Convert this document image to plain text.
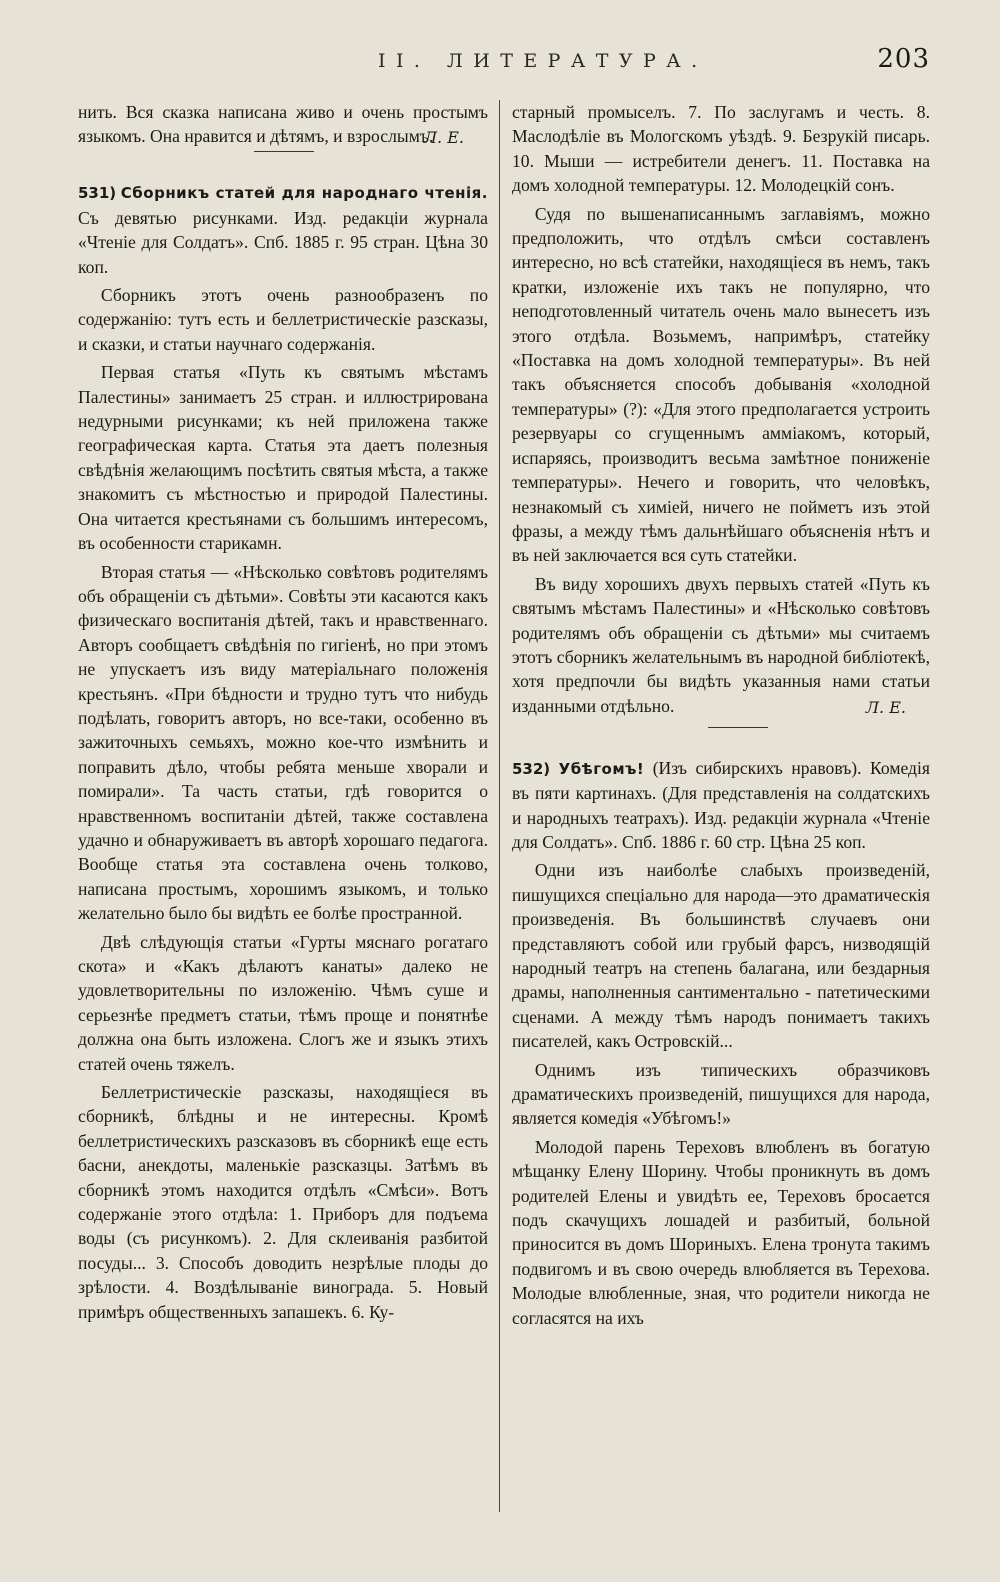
II. ЛИТЕРАТУРА.	203

нить. Вся сказка написана живо и очень простымъ языкомъ. Она нравится и дѣтямъ, и взрослымъ.

Л. Е.

531) Сборникъ статей для народнаго чтенія. Съ девятью рисунками. Изд. редакціи журнала «Чтеніе для Солдатъ». Спб. 1885 г. 95 стран. Цѣна 30 коп.

Сборникъ этотъ очень разнообразенъ по содержанію: тутъ есть и беллетристическіе разсказы, и сказки, и статьи научнаго содержанія.

Первая статья «Путь къ святымъ мѣстамъ Палестины» занимаетъ 25 стран. и иллюстрирована недурными рисунками; къ ней приложена также географическая карта. Статья эта даетъ полезныя свѣдѣнія желающимъ посѣтить святыя мѣста, а также знакомитъ съ мѣстностью и природой Палестины. Она читается крестьянами съ большимъ интересомъ, въ особенности старикамн.

Вторая статья — «Нѣсколько совѣтовъ родителямъ объ обращеніи съ дѣтьми». Совѣты эти касаются какъ физическаго воспитанія дѣтей, такъ и нравственнаго. Авторъ сообщаетъ свѣдѣнія по гигіенѣ, но при этомъ не упускаетъ изъ виду матеріальнаго положенія крестьянъ. «При бѣдности и трудно тутъ что нибудь подѣлать, говоритъ авторъ, но все-таки, особенно въ зажиточныхъ семьяхъ, можно кое-что измѣнить и поправить дѣло, чтобы ребята меньше хворали и помирали». Та часть статьи, гдѣ говорится о нравственномъ воспитаніи дѣтей, также составлена удачно и обнаруживаетъ въ авторѣ хорошаго педагога. Вообще статья эта составлена очень толково, написана простымъ, хорошимъ языкомъ, и только желательно было бы видѣть ее болѣе пространной.

Двѣ слѣдующія статьи «Гурты мяснаго рогатаго скота» и «Какъ дѣлаютъ канаты» далеко не удовлетворительны по изложенію. Чѣмъ суше и серьезнѣе предметъ статьи, тѣмъ проще и понятнѣе должна она быть изложена. Слогъ же и языкъ этихъ статей очень тяжелъ.

Беллетристическіе разсказы, находящіеся въ сборникѣ, блѣдны и не интересны. Кромѣ беллетристическихъ разсказовъ въ сборникѣ еще есть басни, анекдоты, маленькіе разсказцы. Затѣмъ въ сборникѣ этомъ находится отдѣлъ «Смѣси». Вотъ содержаніе этого отдѣла: 1. Приборъ для подъема воды (съ рисункомъ). 2. Для склеиванія разбитой посуды... 3. Способъ доводить незрѣлые плоды до зрѣлости. 4. Воздѣлываніе винограда. 5. Новый примѣръ общественныхъ запашекъ. 6. Ку-

старный промыселъ. 7. По заслугамъ и честь. 8. Маслодѣліе въ Мологскомъ уѣздѣ. 9. Безрукій писарь. 10. Мыши — истребители денегъ. 11. Поставка на домъ холодной температуры. 12. Молодецкій сонъ.

Судя по вышенаписаннымъ заглавіямъ, можно предположить, что отдѣлъ смѣси составленъ интересно, но всѣ статейки, находящіеся въ немъ, такъ кратки, изложеніе ихъ такъ не популярно, что неподготовленный читатель очень мало вынесетъ изъ этого отдѣла. Возьмемъ, напримѣръ, статейку «Поставка на домъ холодной температуры». Въ ней такъ объясняется способъ добыванія «холодной температуры» (?): «Для этого предполагается устроить резервуары со сгущеннымъ амміакомъ, который, испаряясь, производитъ весьма замѣтное пониженіе температуры». Нечего и говорить, что человѣкъ, незнакомый съ химіей, ничего не пойметъ изъ этой фразы, а между тѣмъ дальнѣйшаго объясненія нѣтъ и въ ней заключается вся суть статейки.

Въ виду хорошихъ двухъ первыхъ статей «Путь къ святымъ мѣстамъ Палестины» и «Нѣсколько совѣтовъ родителямъ объ обращеніи съ дѣтьми» мы считаемъ этотъ сборникъ желательнымъ въ народной библіотекѣ, хотя предпочли бы видѣть указанныя нами статьи изданными отдѣльно.	Л. Е.

532) Убѣгомъ! (Изъ сибирскихъ нравовъ). Комедія въ пяти картинахъ. (Для представленія на солдатскихъ и народныхъ театрахъ). Изд. редакціи журнала «Чтеніе для Солдатъ». Спб. 1886 г. 60 стр. Цѣна 25 коп.

Одни изъ наиболѣе слабыхъ произведеній, пишущихся спеціально для народа—это драматическія произведенія. Въ большинствѣ случаевъ они представляютъ собой или грубый фарсъ, низводящій народный театръ на степень балагана, или бездарныя драмы, наполненныя сантиментально - патетическими сценами. А между тѣмъ народъ понимаетъ такихъ писателей, какъ Островскій...

Однимъ изъ типическихъ образчиковъ драматическихъ произведеній, пишущихся для народа, является комедія «Убѣгомъ!»

Молодой парень Тереховъ влюбленъ въ богатую мѣщанку Елену Шорину. Чтобы проникнуть въ домъ родителей Елены и увидѣть ее, Тереховъ бросается подъ скачущихъ лошадей и разбитый, больной приносится въ домъ Шориныхъ. Елена тронута такимъ подвигомъ и въ свою очередь влюбляется въ Терехова. Молодые влюбленные, зная, что родители никогда не согласятся на ихъ
